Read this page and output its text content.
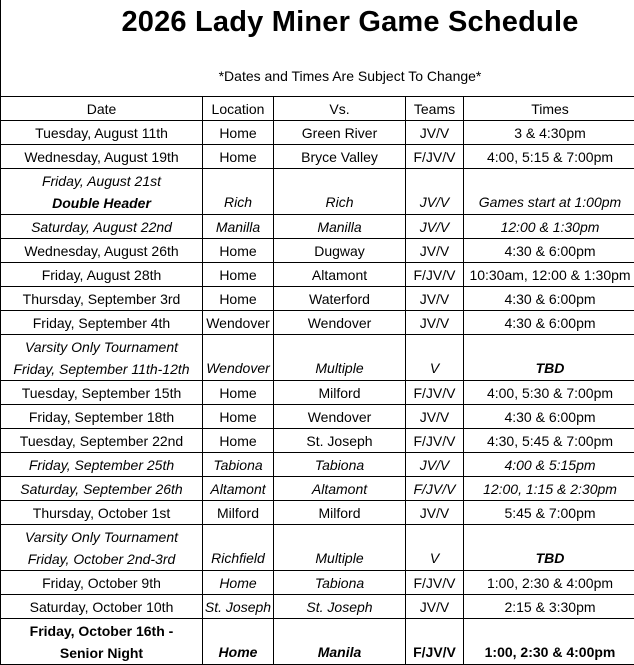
2026 Lady Miner Game Schedule
*Dates and Times Are Subject To Change*
Date	Location	Vs.	Teams	Times
Tuesday, August 11th	Home	Green River	JV/V	3 & 4:30pm
Wednesday, August 19th	Home	Bryce Valley	F/JV/V	4:00, 5:15 & 7:00pm

Friday, August 21st
Double Header	Rich	Rich	JV/V	Games start at 1:00pm
Saturday, August 22nd	Manilla	Manilla	JV/V	12:00 & 1:30pm
Wednesday, August 26th	Home	Dugway	JV/V	4:30 & 6:00pm
Friday, August 28th	Home	Altamont	F/JV/V	10:30am, 12:00 & 1:30pm
Thursday, September 3rd	Home	Waterford	JV/V	4:30 & 6:00pm
Friday, September 4th	Wendover	Wendover	JV/V	4:30 & 6:00pm

Varsity Only Tournament
Friday, September 11th-12th	Wendover	Multiple	V	TBD
Tuesday, September 15th	Home	Milford	F/JV/V	4:00, 5:30 & 7:00pm
Friday, September 18th	Home	Wendover	JV/V	4:30 & 6:00pm
Tuesday, September 22nd	Home	St. Joseph	F/JV/V	4:30, 5:45 & 7:00pm
Friday, September 25th	Tabiona	Tabiona	JV/V	4:00 & 5:15pm
Saturday, September 26th	Altamont	Altamont	F/JV/V	12:00, 1:15 & 2:30pm
Thursday, October 1st	Milford	Milford	JV/V	5:45 & 7:00pm

Varsity Only Tournament
Friday, October 2nd-3rd	Richfield	Multiple	V	TBD
Friday, October 9th	Home	Tabiona	F/JV/V	1:00, 2:30 & 4:00pm
Saturday, October 10th	St. Joseph	St. Joseph	JV/V	2:15 & 3:30pm

Friday, October 16th -
Senior Night	Home	Manila	F/JV/V	1:00, 2:30 & 4:00pm
